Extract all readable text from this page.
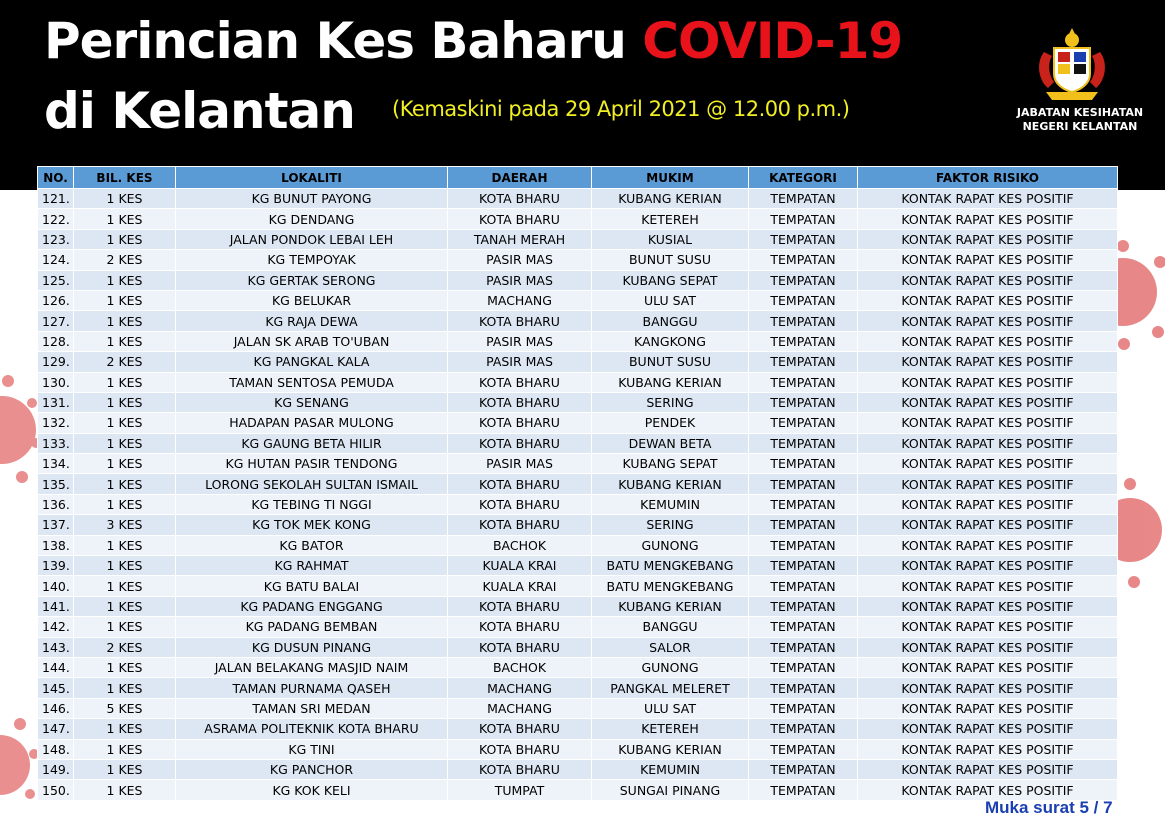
Perincian Kes Baharu COVID-19
di Kelantan (Kemaskini pada 29 April 2021 @ 12.00 p.m.)	JABATAN KESIHATAN
NEGERI KELANTAN
NO.	BIL. KES	LOKALITI	DAERAH	MUKIM	KATEGORI	FAKTOR RISIKO
121.	1 KES	KG BUNUT PAYONG	KOTA BHARU	KUBANG KERIAN	TEMPATAN	KONTAK RAPAT KES POSITIF
122.	1 KES	KG DENDANG	KOTA BHARU	KETEREH	TEMPATAN	KONTAK RAPAT KES POSITIF
123.	1 KES	JALAN PONDOK LEBAI LEH	TANAH MERAH	KUSIAL	TEMPATAN	KONTAK RAPAT KES POSITIF
124.	2 KES	KG TEMPOYAK	PASIR MAS	BUNUT SUSU	TEMPATAN	KONTAK RAPAT KES POSITIF
125.	1 KES	KG GERTAK SERONG	PASIR MAS	KUBANG SEPAT	TEMPATAN	KONTAK RAPAT KES POSITIF
126.	1 KES	KG BELUKAR	MACHANG	ULU SAT	TEMPATAN	KONTAK RAPAT KES POSITIF
127.	1 KES	KG RAJA DEWA	KOTA BHARU	BANGGU	TEMPATAN	KONTAK RAPAT KES POSITIF
128.	1 KES	JALAN SK ARAB TO'UBAN	PASIR MAS	KANGKONG	TEMPATAN	KONTAK RAPAT KES POSITIF
129.	2 KES	KG PANGKAL KALA	PASIR MAS	BUNUT SUSU	TEMPATAN	KONTAK RAPAT KES POSITIF
130.	1 KES	TAMAN SENTOSA PEMUDA	KOTA BHARU	KUBANG KERIAN	TEMPATAN	KONTAK RAPAT KES POSITIF
131.	1 KES	KG SENANG	KOTA BHARU	SERING	TEMPATAN	KONTAK RAPAT KES POSITIF
132.	1 KES	HADAPAN PASAR MULONG	KOTA BHARU	PENDEK	TEMPATAN	KONTAK RAPAT KES POSITIF
133.	1 KES	KG GAUNG BETA HILIR	KOTA BHARU	DEWAN BETA	TEMPATAN	KONTAK RAPAT KES POSITIF
134.	1 KES	KG HUTAN PASIR TENDONG	PASIR MAS	KUBANG SEPAT	TEMPATAN	KONTAK RAPAT KES POSITIF
135.	1 KES	LORONG SEKOLAH SULTAN ISMAIL	KOTA BHARU	KUBANG KERIAN	TEMPATAN	KONTAK RAPAT KES POSITIF
136.	1 KES	KG TEBING TI NGGI	KOTA BHARU	KEMUMIN	TEMPATAN	KONTAK RAPAT KES POSITIF
137.	3 KES	KG TOK MEK KONG	KOTA BHARU	SERING	TEMPATAN	KONTAK RAPAT KES POSITIF
138.	1 KES	KG BATOR	BACHOK	GUNONG	TEMPATAN	KONTAK RAPAT KES POSITIF
139.	1 KES	KG RAHMAT	KUALA KRAI	BATU MENGKEBANG	TEMPATAN	KONTAK RAPAT KES POSITIF
140.	1 KES	KG BATU BALAI	KUALA KRAI	BATU MENGKEBANG	TEMPATAN	KONTAK RAPAT KES POSITIF
141.	1 KES	KG PADANG ENGGANG	KOTA BHARU	KUBANG KERIAN	TEMPATAN	KONTAK RAPAT KES POSITIF
142.	1 KES	KG PADANG BEMBAN	KOTA BHARU	BANGGU	TEMPATAN	KONTAK RAPAT KES POSITIF
143.	2 KES	KG DUSUN PINANG	KOTA BHARU	SALOR	TEMPATAN	KONTAK RAPAT KES POSITIF
144.	1 KES	JALAN BELAKANG MASJID NAIM	BACHOK	GUNONG	TEMPATAN	KONTAK RAPAT KES POSITIF
145.	1 KES	TAMAN PURNAMA QASEH	MACHANG	PANGKAL MELERET	TEMPATAN	KONTAK RAPAT KES POSITIF
146.	5 KES	TAMAN SRI MEDAN	MACHANG	ULU SAT	TEMPATAN	KONTAK RAPAT KES POSITIF
147.	1 KES	ASRAMA POLITEKNIK KOTA BHARU	KOTA BHARU	KETEREH	TEMPATAN	KONTAK RAPAT KES POSITIF
148.	1 KES	KG TINI	KOTA BHARU	KUBANG KERIAN	TEMPATAN	KONTAK RAPAT KES POSITIF
149.	1 KES	KG PANCHOR	KOTA BHARU	KEMUMIN	TEMPATAN	KONTAK RAPAT KES POSITIF
150.	1 KES	KG KOK KELI	TUMPAT	SUNGAI PINANG	TEMPATAN	KONTAK RAPAT KES POSITIF
Muka surat 5 / 7
